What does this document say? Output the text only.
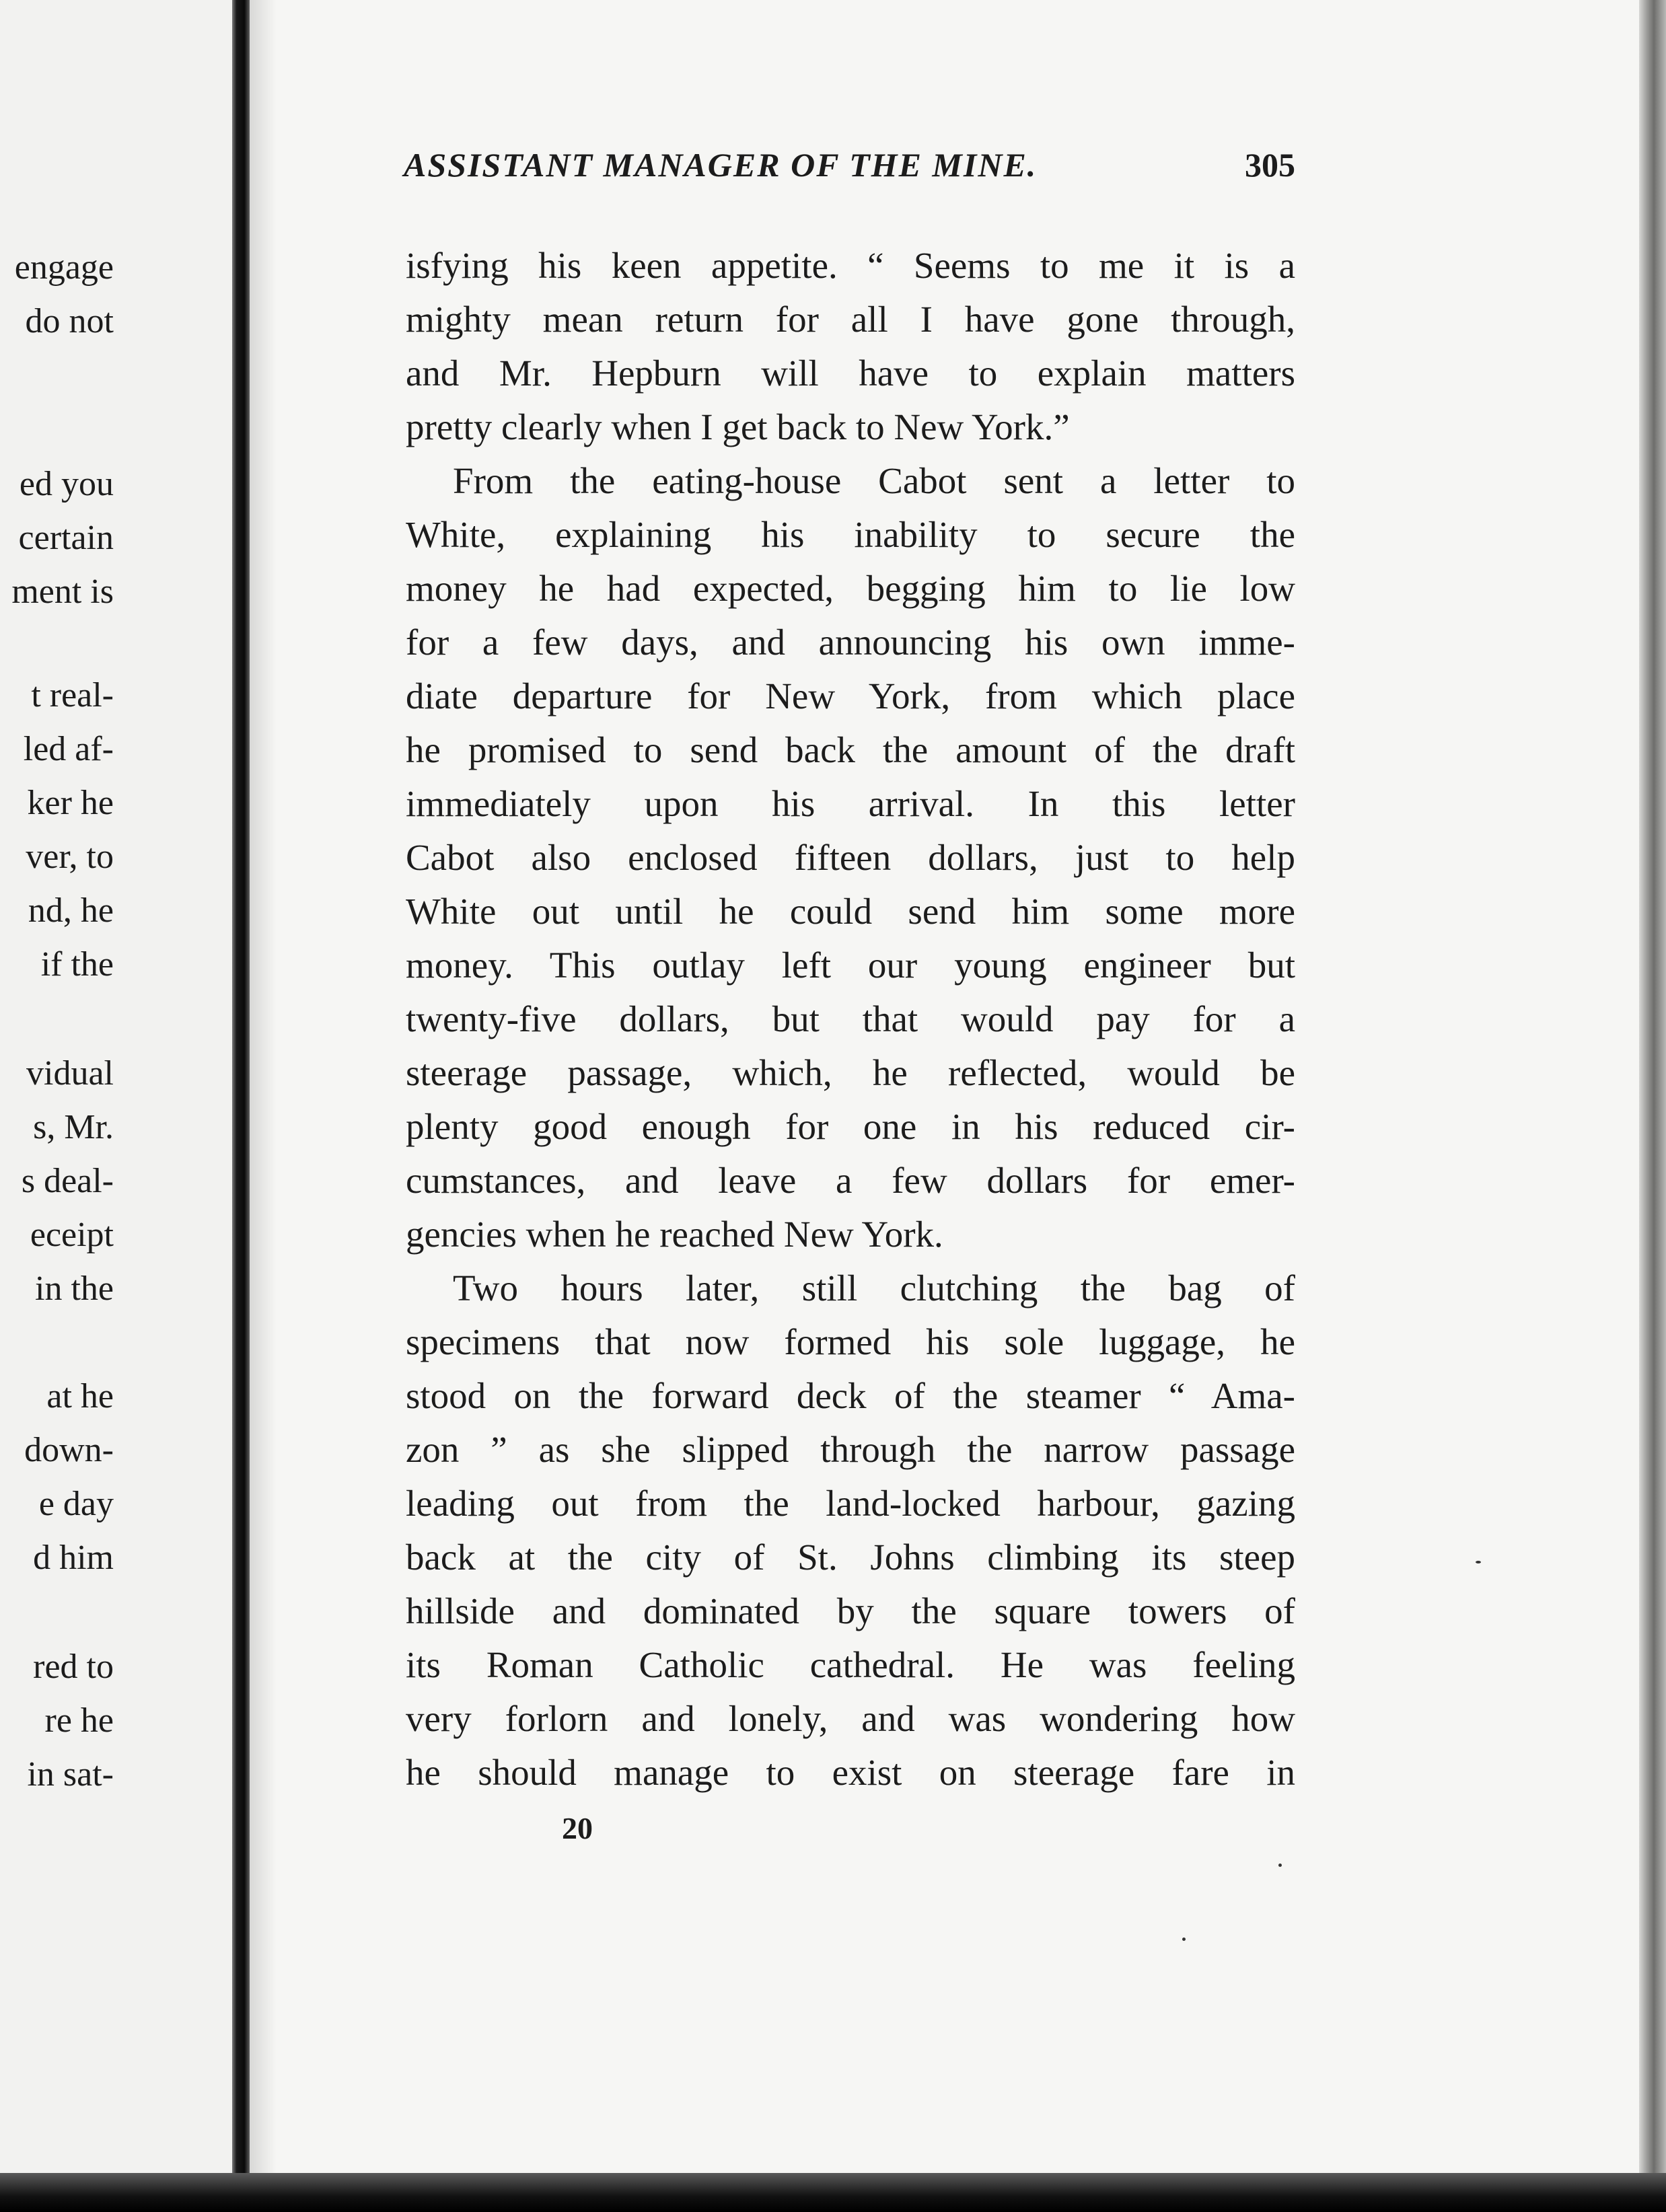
engage
do not
ed you
certain
ment is
t real-
led af-
ker he
ver, to
nd, he
if the
vidual
s, Mr.
s deal-
eceipt
in the
at he
down-
e day
d him
red to
re he
in sat-
ASSISTANT MANAGER OF THE MINE.	305
isfying his keen appetite. “ Seems to me it is a
mighty mean return for all I have gone through,
and Mr. Hepburn will have to explain matters
pretty clearly when I get back to New York.”
From the eating-house Cabot sent a letter to
White, explaining his inability to secure the
money he had expected, begging him to lie low
for a few days, and announcing his own imme-
diate departure for New York, from which place
he promised to send back the amount of the draft
immediately upon his arrival. In this letter
Cabot also enclosed fifteen dollars, just to help
White out until he could send him some more
money. This outlay left our young engineer but
twenty-five dollars, but that would pay for a
steerage passage, which, he reflected, would be
plenty good enough for one in his reduced cir-
cumstances, and leave a few dollars for emer-
gencies when he reached New York.
Two hours later, still clutching the bag of
specimens that now formed his sole luggage, he
stood on the forward deck of the steamer “ Ama-
zon ” as she slipped through the narrow passage
leading out from the land-locked harbour, gazing
back at the city of St. Johns climbing its steep
hillside and dominated by the square towers of
its Roman Catholic cathedral. He was feeling
very forlorn and lonely, and was wondering how
he should manage to exist on steerage fare in
20
